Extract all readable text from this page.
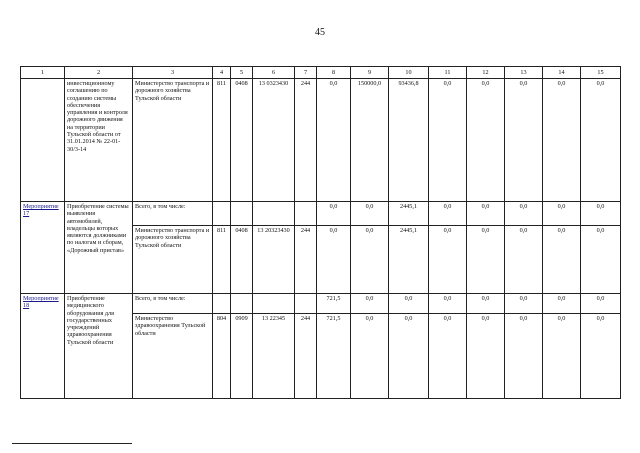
45
1	2	3	4	5	6	7	8	9	10	11	12	13	14	15
	инвестиционному соглашению по созданию системы обеспечения управления и контроля дорожного движения на территории Тульской области от 31.01.2014 № 22-01-30/3-14	Министерство транспорта и дорожного хозяйства Тульской области	811	0408	13 0323430	244	0,0	150000,0	93436,8	0,0	0,0	0,0	0,0	0,0
Мероприятие 17	Приобретение системы выявления автомобилей, владельцы которых являются должниками по налогам и сборам, «Дорожный пристав»	Всего, в том числе:					0,0	0,0	2445,1	0,0	0,0	0,0	0,0	0,0
		Министерство транспорта и дорожного хозяйства Тульской области	811	0408	13 20323430	244	0,0	0,0	2445,1	0,0	0,0	0,0	0,0	0,0
Мероприятие 18	Приобретение медицинского оборудования для государственных учреждений здравоохранения Тульской области	Всего, в том числе:					721,5	0,0	0,0	0,0	0,0	0,0	0,0	0,0
		Министерство здравоохранения Тульской области	804	0909	13 22345	244	721,5	0,0	0,0	0,0	0,0	0,0	0,0	0,0
